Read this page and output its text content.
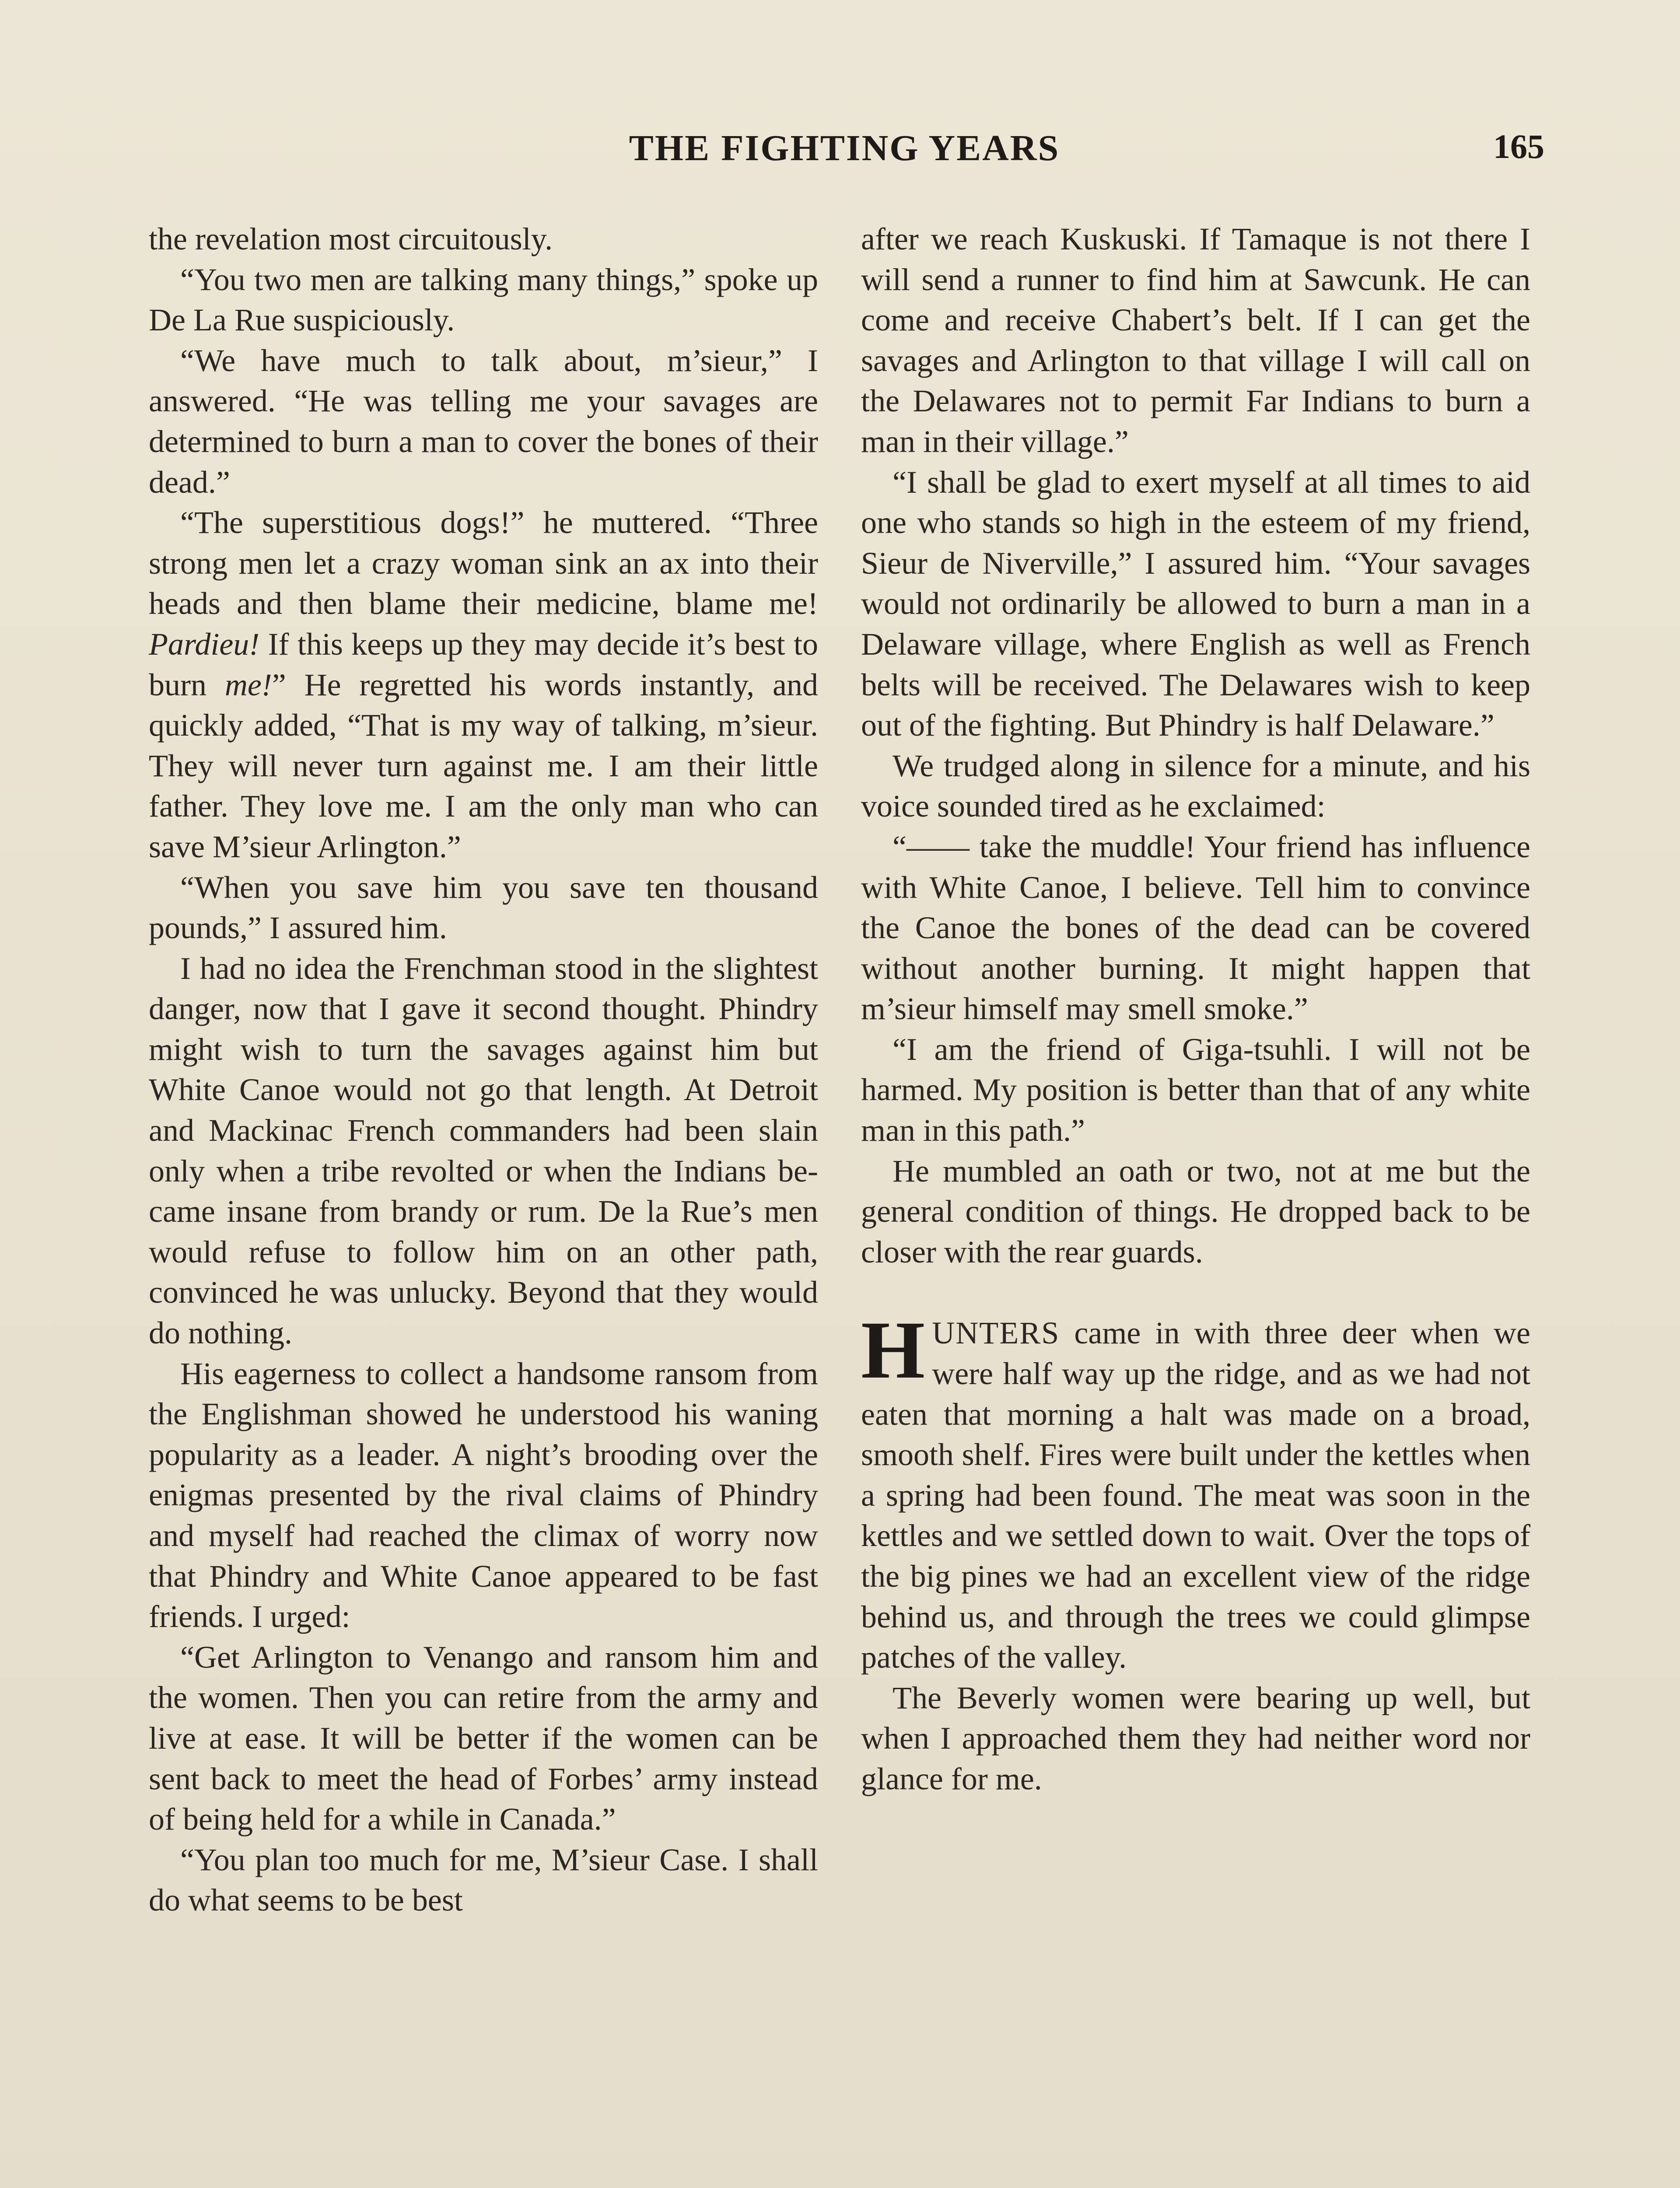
THE FIGHTING YEARS	165

the revelation most circuitously.

“You two men are talking many things,” spoke up De La Rue suspiciously.

“We have much to talk about, m’sieur,” I answered. “He was telling me your savages are determined to burn a man to cover the bones of their dead.”

“The superstitious dogs!” he muttered. “Three strong men let a crazy woman sink an ax into their heads and then blame their medicine, blame me! Pardieu! If this keeps up they may decide it’s best to burn me!” He regretted his words instantly, and quickly added, “That is my way of talking, m’sieur. They will never turn against me. I am their little father. They love me. I am the only man who can save M’sieur Arlington.”

“When you save him you save ten thousand pounds,” I assured him.

I had no idea the Frenchman stood in the slightest danger, now that I gave it second thought. Phindry might wish to turn the savages against him but White Canoe would not go that length. At Detroit and Mackinac French commanders had been slain only when a tribe revolted or when the Indians became insane from brandy or rum. De la Rue’s men would refuse to follow him on an other path, convinced he was unlucky. Beyond that they would do nothing.

His eagerness to collect a handsome ransom from the Englishman showed he understood his waning popularity as a leader. A night’s brooding over the enigmas presented by the rival claims of Phindry and myself had reached the climax of worry now that Phindry and White Canoe appeared to be fast friends. I urged:

“Get Arlington to Venango and ransom him and the women. Then you can retire from the army and live at ease. It will be better if the women can be sent back to meet the head of Forbes’ army instead of being held for a while in Canada.”

“You plan too much for me, M’sieur Case. I shall do what seems to be best

after we reach Kuskuski. If Tamaque is not there I will send a runner to find him at Sawcunk. He can come and receive Chabert’s belt. If I can get the savages and Arlington to that village I will call on the Delawares not to permit Far Indians to burn a man in their village.”

“I shall be glad to exert myself at all times to aid one who stands so high in the esteem of my friend, Sieur de Niverville,” I assured him. “Your savages would not ordinarily be allowed to burn a man in a Delaware village, where English as well as French belts will be received. The Delawares wish to keep out of the fighting. But Phindry is half Delaware.”

We trudged along in silence for a minute, and his voice sounded tired as he exclaimed:

“—— take the muddle! Your friend has influence with White Canoe, I believe. Tell him to convince the Canoe the bones of the dead can be covered without another burning. It might happen that m’sieur himself may smell smoke.”

“I am the friend of Giga-tsuhli. I will not be harmed. My position is better than that of any white man in this path.”

He mumbled an oath or two, not at me but the general condition of things. He dropped back to be closer with the rear guards.

HUNTERS came in with three deer when we were half way up the ridge, and as we had not eaten that morning a halt was made on a broad, smooth shelf. Fires were built under the kettles when a spring had been found. The meat was soon in the kettles and we settled down to wait. Over the tops of the big pines we had an excellent view of the ridge behind us, and through the trees we could glimpse patches of the valley.

The Beverly women were bearing up well, but when I approached them they had neither word nor glance for me.
